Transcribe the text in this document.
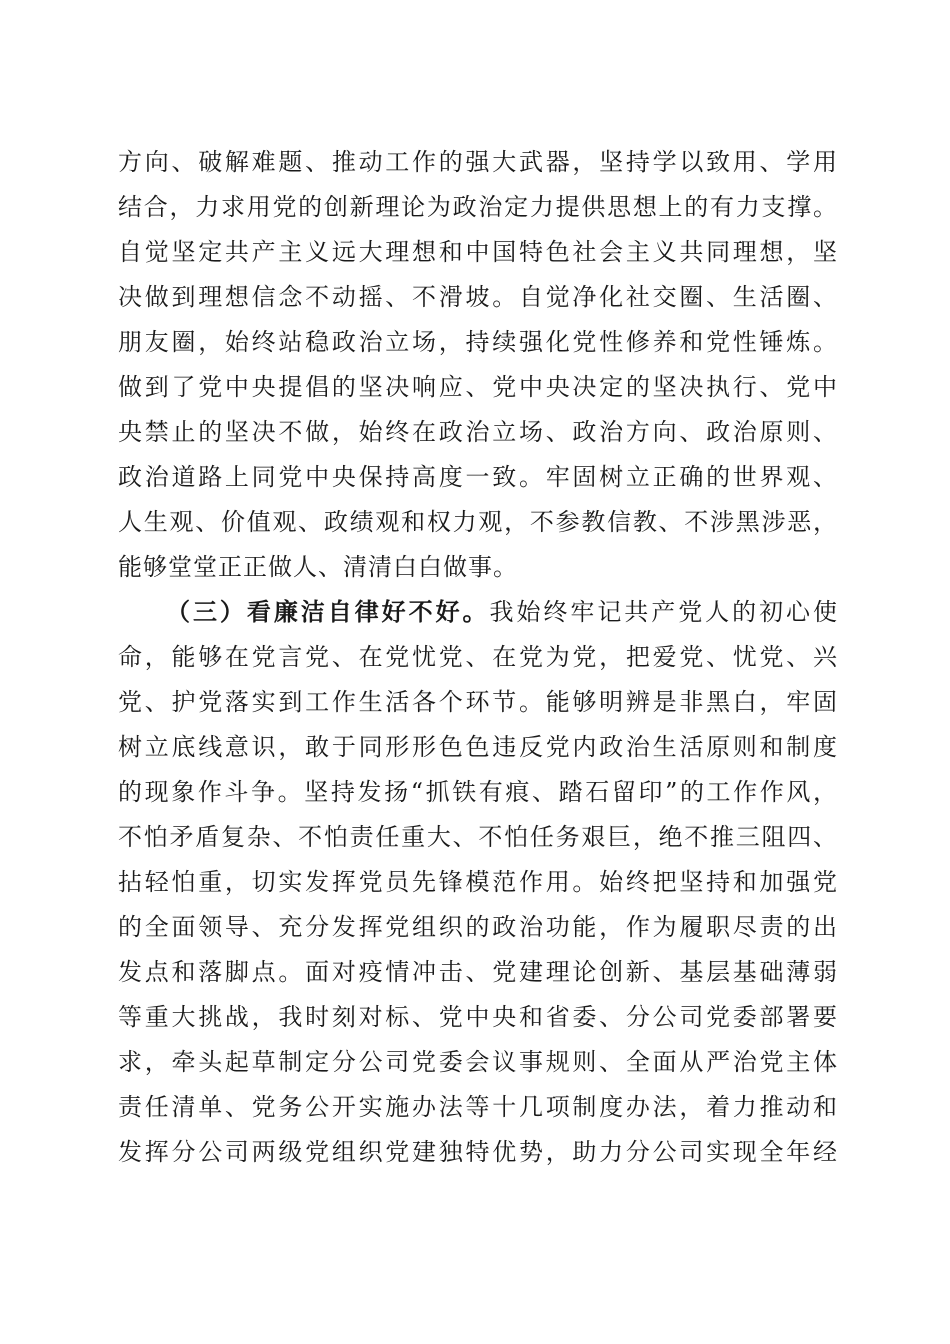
方向、破解难题、推动工作的强大武器，坚持学以致用、学用
结合，力求用党的创新理论为政治定力提供思想上的有力支撑。
自觉坚定共产主义远大理想和中国特色社会主义共同理想，坚
决做到理想信念不动摇、不滑坡。自觉净化社交圈、生活圈、
朋友圈，始终站稳政治立场，持续强化党性修养和党性锤炼。
做到了党中央提倡的坚决响应、党中央决定的坚决执行、党中
央禁止的坚决不做，始终在政治立场、政治方向、政治原则、
政治道路上同党中央保持高度一致。牢固树立正确的世界观、
人生观、价值观、政绩观和权力观，不参教信教、不涉黑涉恶，
能够堂堂正正做人、清清白白做事。
（三）看廉洁自律好不好。我始终牢记共产党人的初心使
命，能够在党言党、在党忧党、在党为党，把爱党、忧党、兴
党、护党落实到工作生活各个环节。能够明辨是非黑白，牢固
树立底线意识，敢于同形形色色违反党内政治生活原则和制度
的现象作斗争。坚持发扬“抓铁有痕、踏石留印”的工作作风，
不怕矛盾复杂、不怕责任重大、不怕任务艰巨，绝不推三阻四、
拈轻怕重，切实发挥党员先锋模范作用。始终把坚持和加强党
的全面领导、充分发挥党组织的政治功能，作为履职尽责的出
发点和落脚点。面对疫情冲击、党建理论创新、基层基础薄弱
等重大挑战，我时刻对标、党中央和省委、分公司党委部署要
求，牵头起草制定分公司党委会议事规则、全面从严治党主体
责任清单、党务公开实施办法等十几项制度办法，着力推动和
发挥分公司两级党组织党建独特优势，助力分公司实现全年经
